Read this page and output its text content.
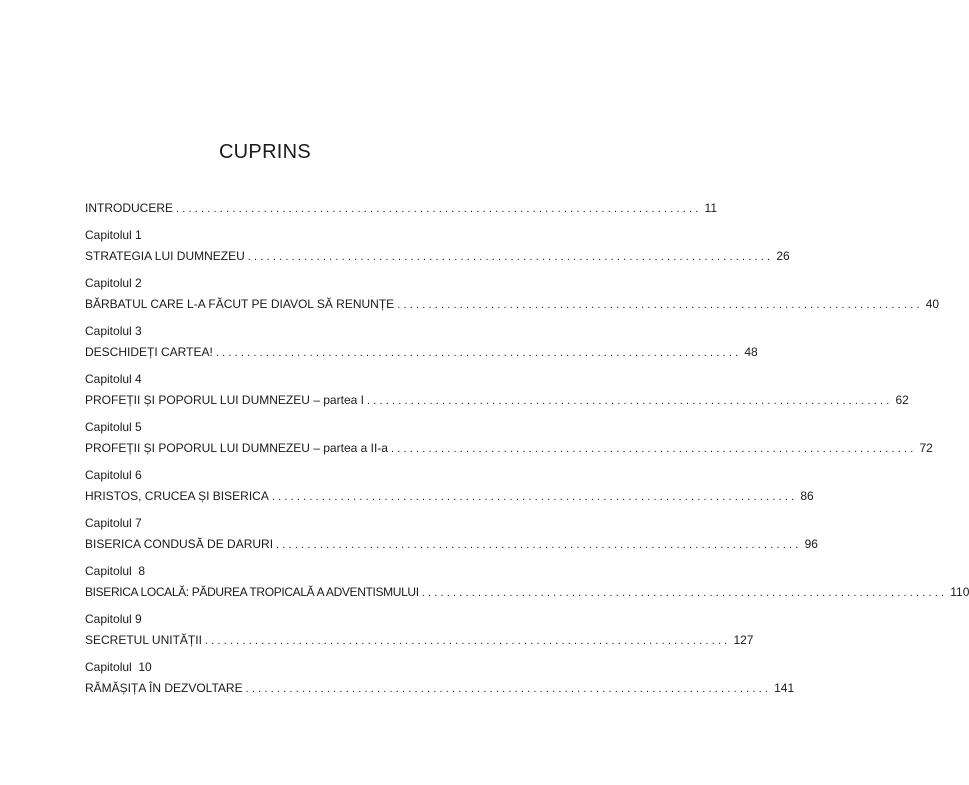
CUPRINS
INTRODUCERE .................................................................................... 11
Capitolul 1
STRATEGIA LUI DUMNEZEU .................................................................................... 26
Capitolul 2
BĂRBATUL CARE L-A FĂCUT PE DIAVOL SĂ RENUNȚE .................................................................................... 40
Capitolul 3
DESCHIDEȚI CARTEA! .................................................................................... 48
Capitolul 4
PROFEȚII ȘI POPORUL LUI DUMNEZEU – partea I .................................................................................... 62
Capitolul 5
PROFEȚII ȘI POPORUL LUI DUMNEZEU – partea a II-a .................................................................................... 72
Capitolul 6
HRISTOS, CRUCEA ȘI BISERICA .................................................................................... 86
Capitolul 7
BISERICA CONDUSĂ DE DARURI .................................................................................... 96
Capitolul  8
BISERICA LOCALĂ: PĂDUREA TROPICALĂ A ADVENTISMULUI .................................................................................... 110
Capitolul 9
SECRETUL UNITĂȚII .................................................................................... 127
Capitolul  10
RĂMĂȘIȚA ÎN DEZVOLTARE .................................................................................... 141
